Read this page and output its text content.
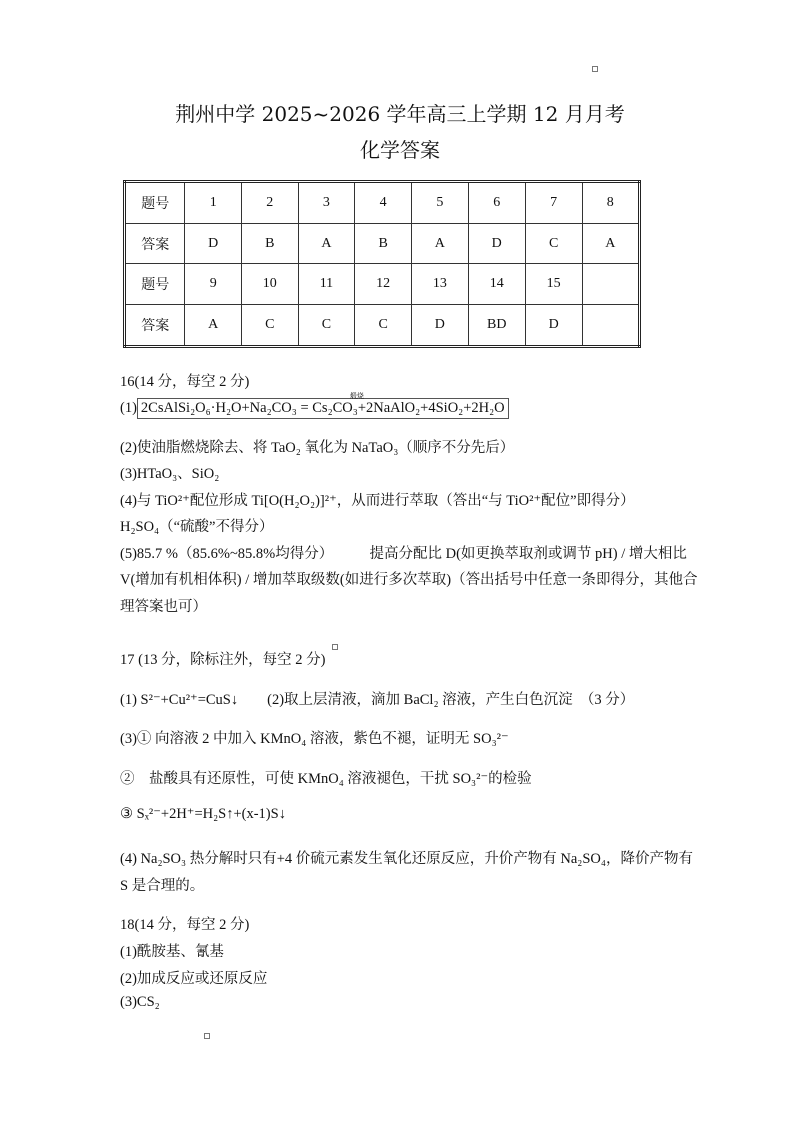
荆州中学 2025~2026 学年高三上学期 12 月月考
化学答案
题号	1	2	3	4	5	6	7	8
答案	D	B	A	B	A	D	C	A
题号	9	10	11	12	13	14	15	
答案	A	C	C	C	D	BD	D	
16(14 分，每空 2 分)
(1)
煅烧
2CsAlSi₂O₆·H₂O+Na₂CO₃ = Cs₂CO₃+2NaAlO₂+4SiO₂+2H₂O
(2)使油脂燃烧除去、将 TaO₂ 氧化为 NaTaO₃（顺序不分先后）
(3)HTaO₃、SiO₂
(4)与 TiO²⁺配位形成 Ti[O(H₂O₂)]²⁺，从而进行萃取（答出“与 TiO²⁺配位”即得分）
H₂SO₄（“硫酸”不得分）
(5)85.7 %（85.6%~85.8%均得分）　　　提高分配比 D(如更换萃取剂或调节 pH) / 增大相比
V(增加有机相体积) / 增加萃取级数(如进行多次萃取)（答出括号中任意一条即得分，其他合
理答案也可）
17 (13 分，除标注外，每空 2 分)
(1) S²⁻+Cu²⁺=CuS↓　　(2)取上层清液，滴加 BaCl₂ 溶液，产生白色沉淀　（3 分）
(3)① 向溶液 2 中加入 KMnO₄ 溶液，紫色不褪，证明无 SO₃²⁻
②　盐酸具有还原性，可使 KMnO₄ 溶液褪色，干扰 SO₃²⁻的检验
③ Sₓ²⁻+2H⁺=H₂S↑+(x-1)S↓
(4) Na₂SO₃ 热分解时只有+4 价硫元素发生氧化还原反应，升价产物有 Na₂SO₄，降价产物有
S 是合理的。
18(14 分，每空 2 分)
(1)酰胺基、氰基
(2)加成反应或还原反应
(3)CS₂
